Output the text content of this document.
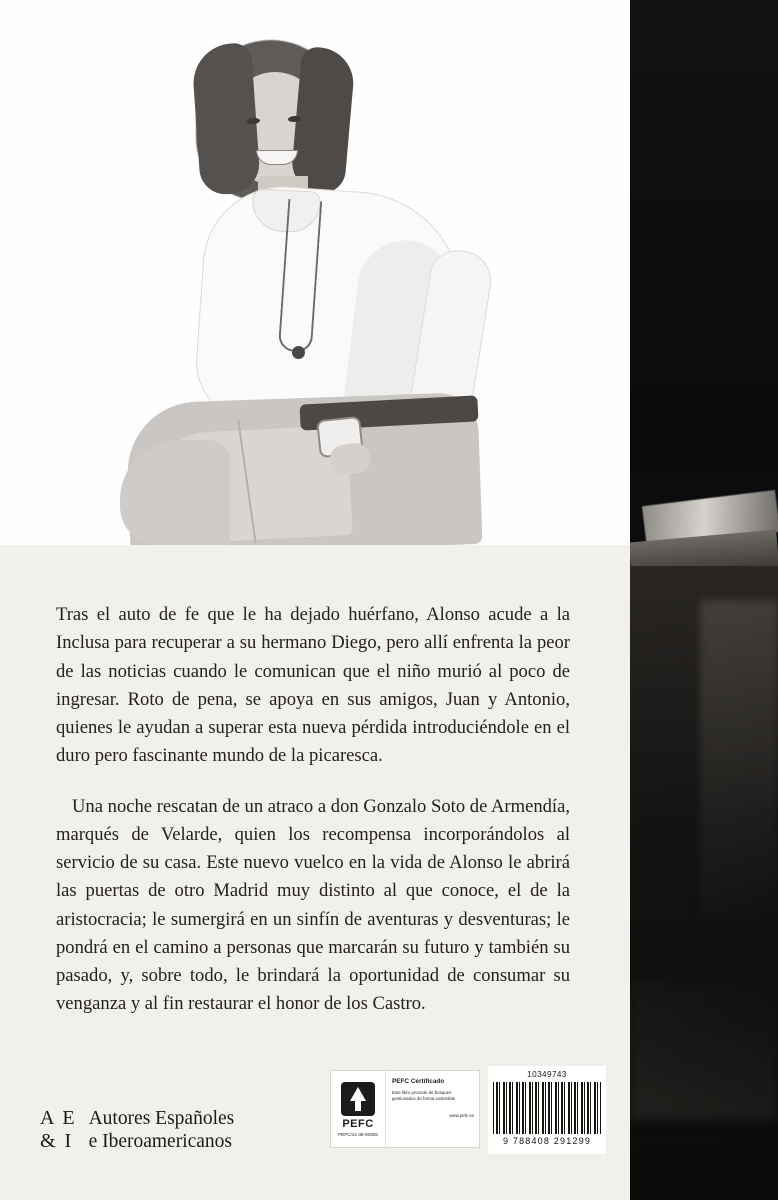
Tras el auto de fe que le ha dejado huérfano, Alonso acude a la Inclusa para recuperar a su hermano Diego, pero allí enfrenta la peor de las noticias cuando le comunican que el niño murió al poco de ingresar. Roto de pena, se apoya en sus amigos, Juan y Antonio, quienes le ayudan a superar esta nueva pérdida introduciéndole en el duro pero fascinante mundo de la picaresca.

Una noche rescatan de un atraco a don Gonzalo Soto de Armendía, marqués de Velarde, quien los recompensa incorporándolos al servicio de su casa. Este nuevo vuelco en la vida de Alonso le abrirá las puertas de otro Madrid muy distinto al que conoce, el de la aristocracia; le sumergirá en un sinfín de aventuras y desventuras; le pondrá en el camino a personas que marcarán su futuro y también su pasado, y, sobre todo, le brindará la oportunidad de consumar su venganza y al fin restaurar el honor de los Castro.

A E
& I
Autores Españoles
e Iberoamericanos
PEFC
PEFC/14-38-00305
PEFC Certificado
Este libro procede de bosques gestionados de forma sostenible
www.pefc.es
10349743
9 788408 291299
